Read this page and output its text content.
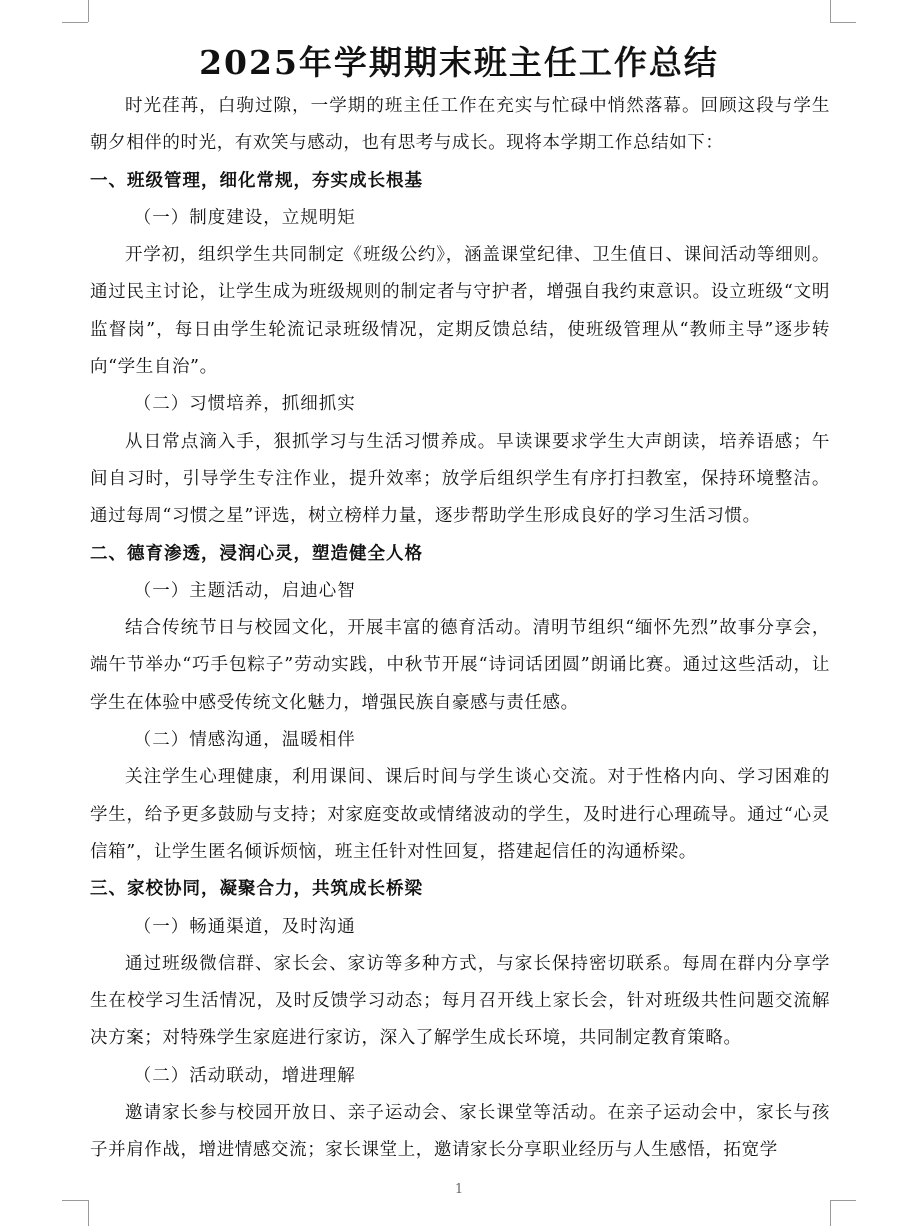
2025年学期期末班主任工作总结

时光荏苒，白驹过隙，一学期的班主任工作在充实与忙碌中悄然落幕。回顾这段与学生朝夕相伴的时光，有欢笑与感动，也有思考与成长。现将本学期工作总结如下：

一、班级管理，细化常规，夯实成长根基

（一）制度建设，立规明矩

开学初，组织学生共同制定《班级公约》，涵盖课堂纪律、卫生值日、课间活动等细则。通过民主讨论，让学生成为班级规则的制定者与守护者，增强自我约束意识。设立班级“文明监督岗”，每日由学生轮流记录班级情况，定期反馈总结，使班级管理从“教师主导”逐步转向“学生自治”。

（二）习惯培养，抓细抓实

从日常点滴入手，狠抓学习与生活习惯养成。早读课要求学生大声朗读，培养语感；午间自习时，引导学生专注作业，提升效率；放学后组织学生有序打扫教室，保持环境整洁。通过每周“习惯之星”评选，树立榜样力量，逐步帮助学生形成良好的学习生活习惯。

二、德育渗透，浸润心灵，塑造健全人格

（一）主题活动，启迪心智

结合传统节日与校园文化，开展丰富的德育活动。清明节组织“缅怀先烈”故事分享会，端午节举办“巧手包粽子”劳动实践，中秋节开展“诗词话团圆”朗诵比赛。通过这些活动，让学生在体验中感受传统文化魅力，增强民族自豪感与责任感。

（二）情感沟通，温暖相伴

关注学生心理健康，利用课间、课后时间与学生谈心交流。对于性格内向、学习困难的学生，给予更多鼓励与支持；对家庭变故或情绪波动的学生，及时进行心理疏导。通过“心灵信箱”，让学生匿名倾诉烦恼，班主任针对性回复，搭建起信任的沟通桥梁。

三、家校协同，凝聚合力，共筑成长桥梁

（一）畅通渠道，及时沟通

通过班级微信群、家长会、家访等多种方式，与家长保持密切联系。每周在群内分享学生在校学习生活情况，及时反馈学习动态；每月召开线上家长会，针对班级共性问题交流解决方案；对特殊学生家庭进行家访，深入了解学生成长环境，共同制定教育策略。

（二）活动联动，增进理解

邀请家长参与校园开放日、亲子运动会、家长课堂等活动。在亲子运动会中，家长与孩子并肩作战，增进情感交流；家长课堂上，邀请家长分享职业经历与人生感悟，拓宽学

1
